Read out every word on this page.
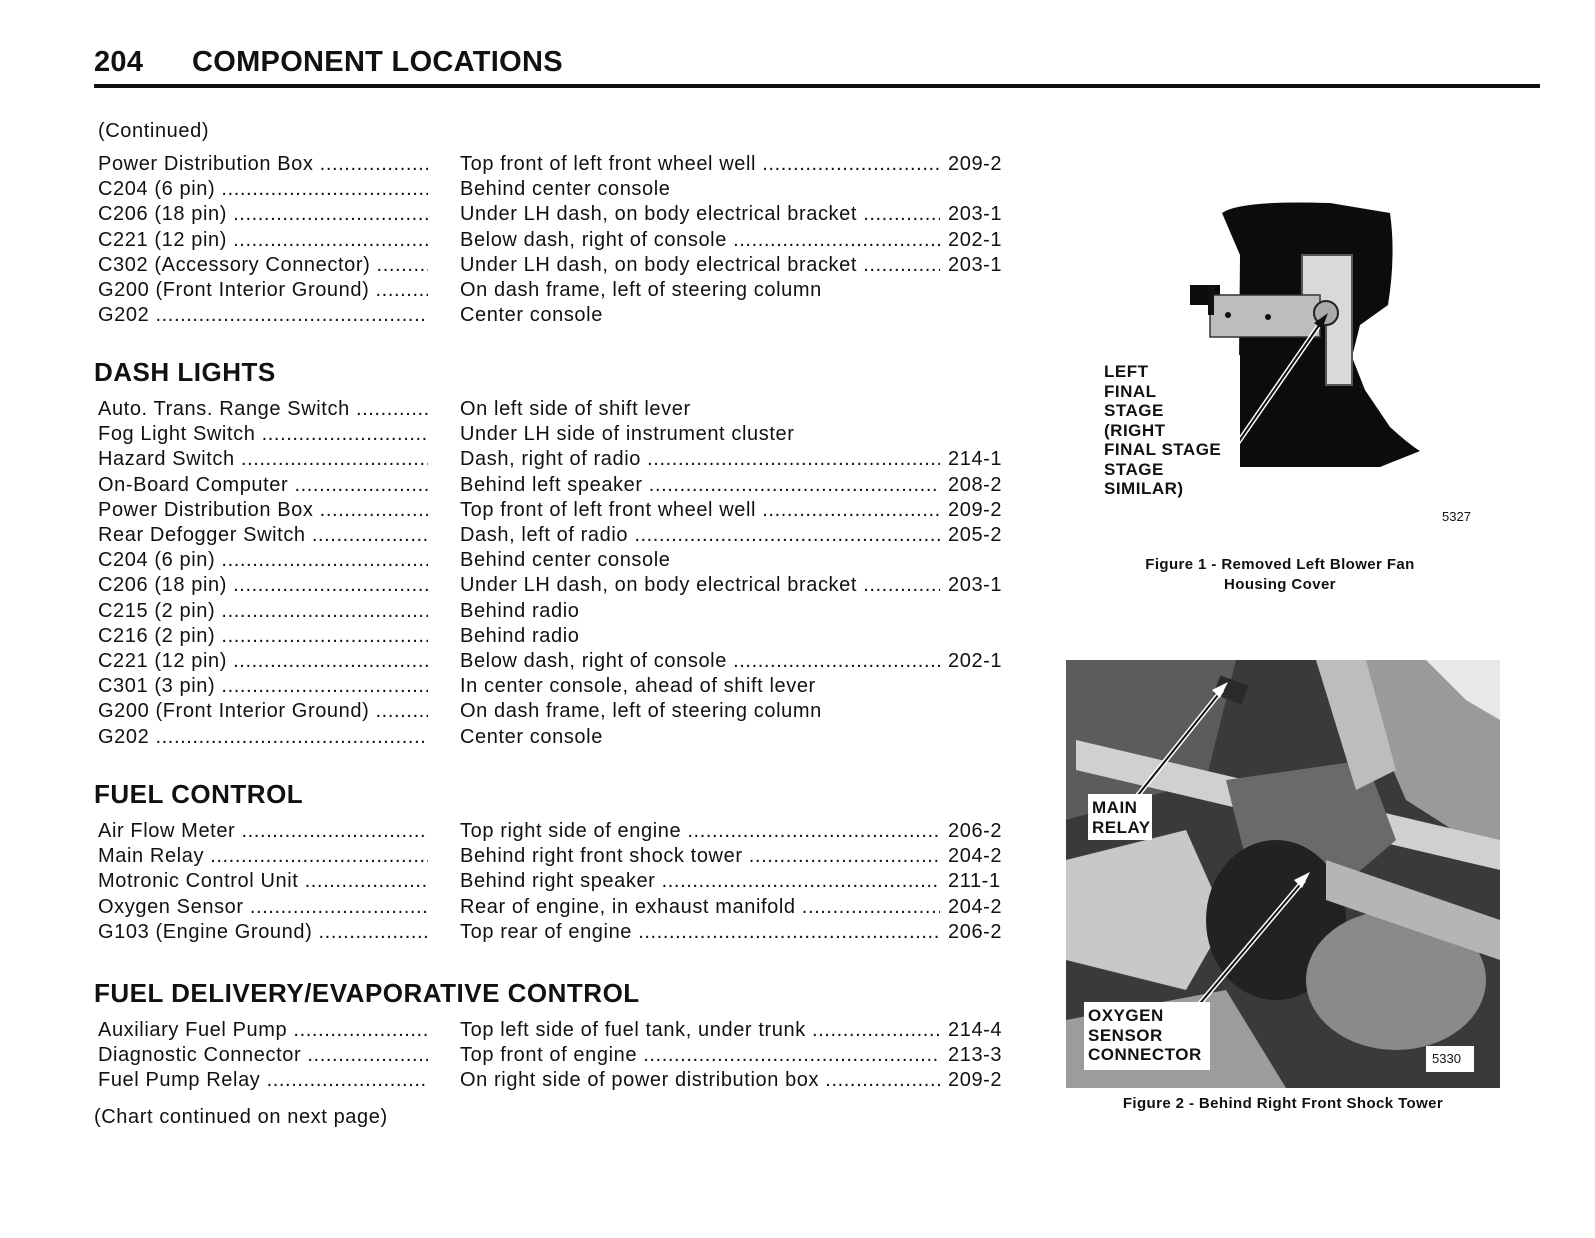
204 COMPONENT LOCATIONS
(Continued)
Power Distribution Box .....	Top front of left front wheel well .....	209-2
C204 (6 pin) .....	Behind center console
C206 (18 pin) .....	Under LH dash, on body electrical bracket .....	203-1
C221 (12 pin) .....	Below dash, right of console .....	202-1
C302 (Accessory Connector) .....	Under LH dash, on body electrical bracket .....	203-1
G200 (Front Interior Ground) .....	On dash frame, left of steering column
G202 .....	Center console
DASH LIGHTS
Auto. Trans. Range Switch .....	On left side of shift lever
Fog Light Switch .....	Under LH side of instrument cluster
Hazard Switch .....	Dash, right of radio .....	214-1
On-Board Computer .....	Behind left speaker .....	208-2
Power Distribution Box .....	Top front of left front wheel well .....	209-2
Rear Defogger Switch .....	Dash, left of radio .....	205-2
C204 (6 pin) .....	Behind center console
C206 (18 pin) .....	Under LH dash, on body electrical bracket .....	203-1
C215 (2 pin) .....	Behind radio
C216 (2 pin) .....	Behind radio
C221 (12 pin) .....	Below dash, right of console .....	202-1
C301 (3 pin) .....	In center console, ahead of shift lever
G200 (Front Interior Ground) .....	On dash frame, left of steering column
G202 .....	Center console
FUEL CONTROL
Air Flow Meter .....	Top right side of engine .....	206-2
Main Relay .....	Behind right front shock tower .....	204-2
Motronic Control Unit .....	Behind right speaker .....	211-1
Oxygen Sensor .....	Rear of engine, in exhaust manifold .....	204-2
G103 (Engine Ground) .....	Top rear of engine .....	206-2
FUEL DELIVERY/EVAPORATIVE CONTROL
Auxiliary Fuel Pump .....	Top left side of fuel tank, under trunk .....	214-4
Diagnostic Connector .....	Top front of engine .....	213-3
Fuel Pump Relay .....	On right side of power distribution box .....	209-2
(Chart continued on next page)
LEFT
FINAL
STAGE
(RIGHT
FINAL STAGE
STAGE
SIMILAR)
5327
Figure 1 - Removed Left Blower Fan
Housing Cover
MAIN
RELAY
OXYGEN
SENSOR
CONNECTOR	5330
Figure 2 - Behind Right Front Shock Tower
